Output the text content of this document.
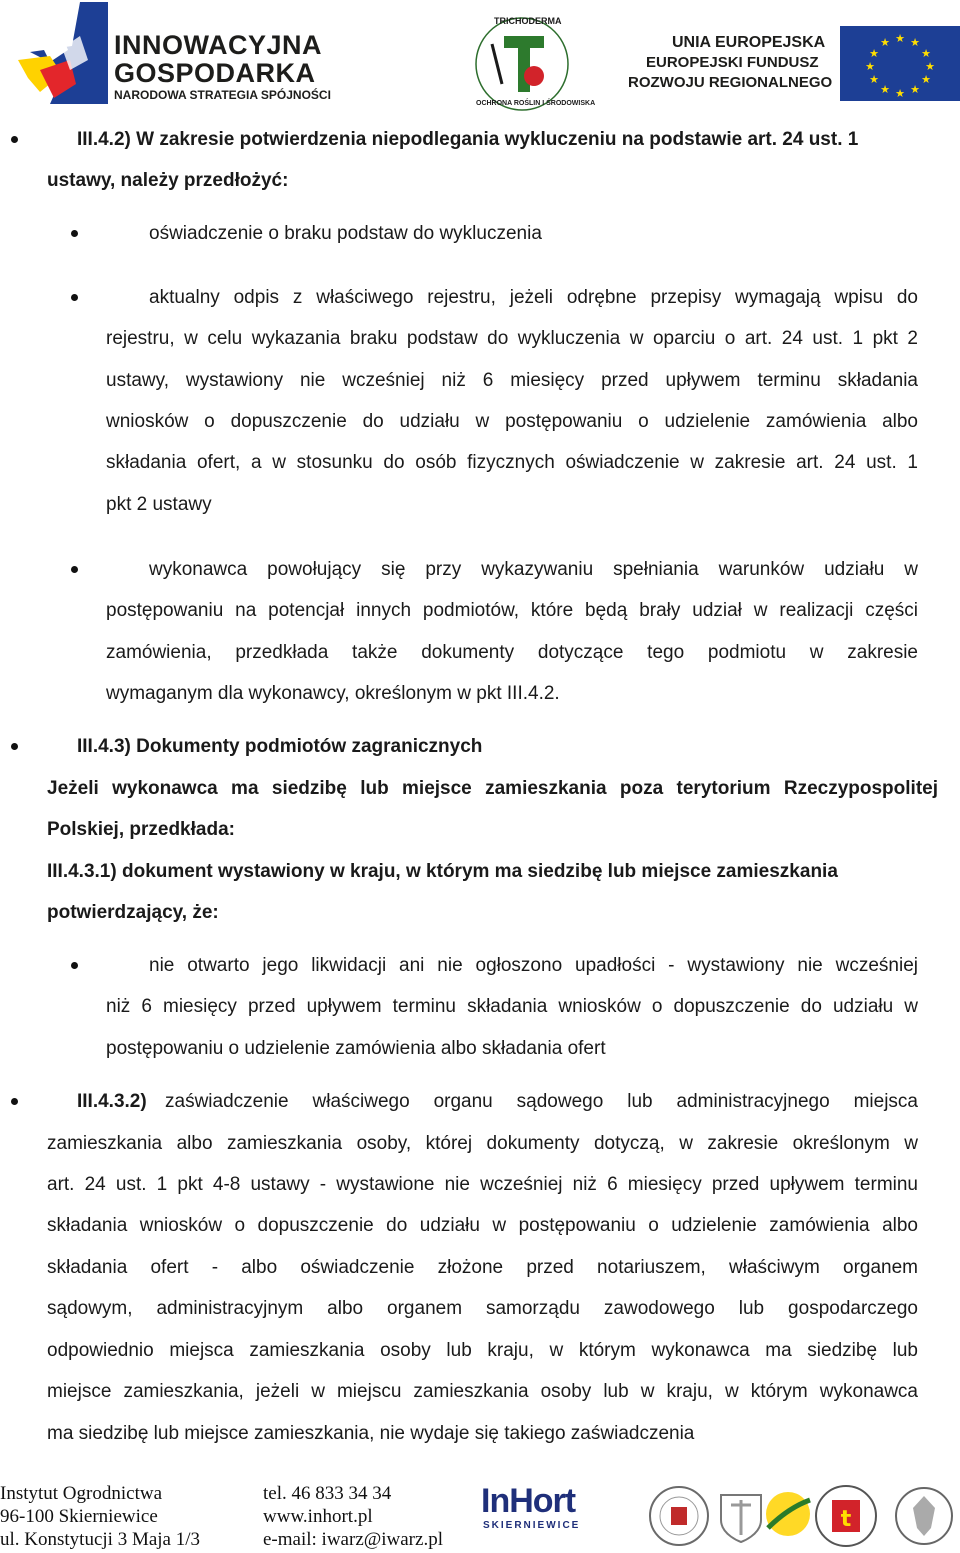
INNOWACYJNA
GOSPODARKA
NARODOWA STRATEGIA SPÓJNOŚCI
TRICHODERMA
OCHRONA ROŚLIN I ŚRODOWISKA
UNIA EUROPEJSKA
EUROPEJSKI FUNDUSZ
ROZWOJU REGIONALNEGO
★ ★
★
★
★
★
★
★
★
★
★
★
III.4.2) W zakresie potwierdzenia niepodlegania wykluczeniu na podstawie art. 24 ust. 1
ustawy, należy przedłożyć:
oświadczenie o braku podstaw do wykluczenia
aktualny odpis z właściwego rejestru, jeżeli odrębne przepisy wymagają wpisu do
rejestru, w celu wykazania braku podstaw do wykluczenia w oparciu o art. 24 ust. 1 pkt 2
ustawy, wystawiony nie wcześniej niż 6 miesięcy przed upływem terminu składania
wniosków o dopuszczenie do udziału w postępowaniu o udzielenie zamówienia albo
składania ofert, a w stosunku do osób fizycznych oświadczenie w zakresie art. 24 ust. 1
pkt 2 ustawy
wykonawca powołujący się przy wykazywaniu spełniania warunków udziału w
postępowaniu na potencjał innych podmiotów, które będą brały udział w realizacji części
zamówienia, przedkłada także dokumenty dotyczące tego podmiotu w zakresie
wymaganym dla wykonawcy, określonym w pkt III.4.2.
III.4.3) Dokumenty podmiotów zagranicznych
Jeżeli wykonawca ma siedzibę lub miejsce zamieszkania poza terytorium Rzeczypospolitej
Polskiej, przedkłada:
III.4.3.1) dokument wystawiony w kraju, w którym ma siedzibę lub miejsce zamieszkania
potwierdzający, że:
nie otwarto jego likwidacji ani nie ogłoszono upadłości - wystawiony nie wcześniej
niż 6 miesięcy przed upływem terminu składania wniosków o dopuszczenie do udziału w
postępowaniu o udzielenie zamówienia albo składania ofert
III.4.3.2) zaświadczenie właściwego organu sądowego lub administracyjnego miejsca
zamieszkania albo zamieszkania osoby, której dokumenty dotyczą, w zakresie określonym w
art. 24 ust. 1 pkt 4-8 ustawy - wystawione nie wcześniej niż 6 miesięcy przed upływem terminu
składania wniosków o dopuszczenie do udziału w postępowaniu o udzielenie zamówienia albo
składania ofert - albo oświadczenie złożone przed notariuszem, właściwym organem
sądowym, administracyjnym albo organem samorządu zawodowego lub gospodarczego
odpowiednio miejsca zamieszkania osoby lub kraju, w którym wykonawca ma siedzibę lub
miejsce zamieszkania, jeżeli w miejscu zamieszkania osoby lub w kraju, w którym wykonawca
ma siedzibę lub miejsce zamieszkania, nie wydaje się takiego zaświadczenia
Instytut Ogrodnictwa
96-100 Skierniewice
ul. Konstytucji 3 Maja 1/3
tel. 46 833 34 34
www.inhort.pl
e-mail: iwarz@iwarz.pl
InHort
SKIERNIEWICE	t
